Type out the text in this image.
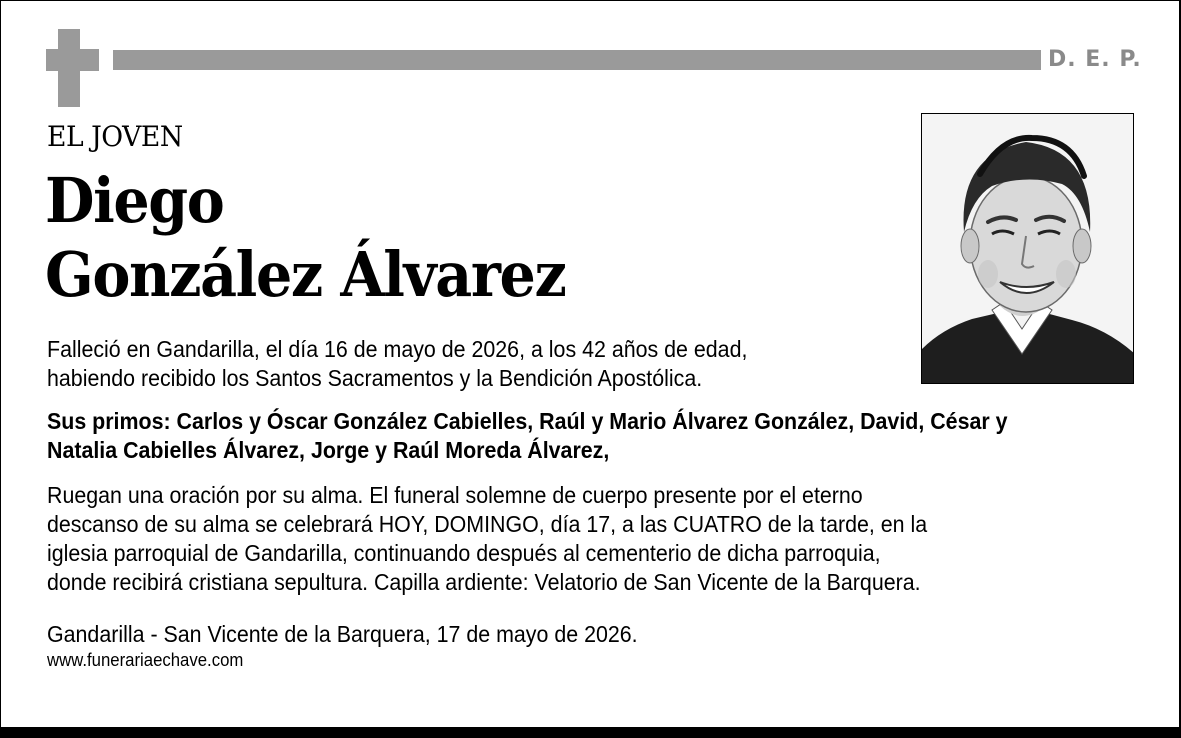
D. E. P.
EL JOVEN
Diego
González Álvarez
Falleció en Gandarilla, el día 16 de mayo de 2026, a los 42 años de edad,
habiendo recibido los Santos Sacramentos y la Bendición Apostólica.
Sus primos: Carlos y Óscar González Cabielles, Raúl y Mario Álvarez González, David, César y
Natalia Cabielles Álvarez, Jorge y Raúl Moreda Álvarez,
Ruegan una oración por su alma. El funeral solemne de cuerpo presente por el eterno
descanso de su alma se celebrará HOY, DOMINGO, día 17, a las CUATRO de la tarde, en la
iglesia parroquial de Gandarilla, continuando después al cementerio de dicha parroquia,
donde recibirá cristiana sepultura. Capilla ardiente: Velatorio de San Vicente de la Barquera.
Gandarilla - San Vicente de la Barquera, 17 de mayo de 2026.
www.funerariaechave.com
